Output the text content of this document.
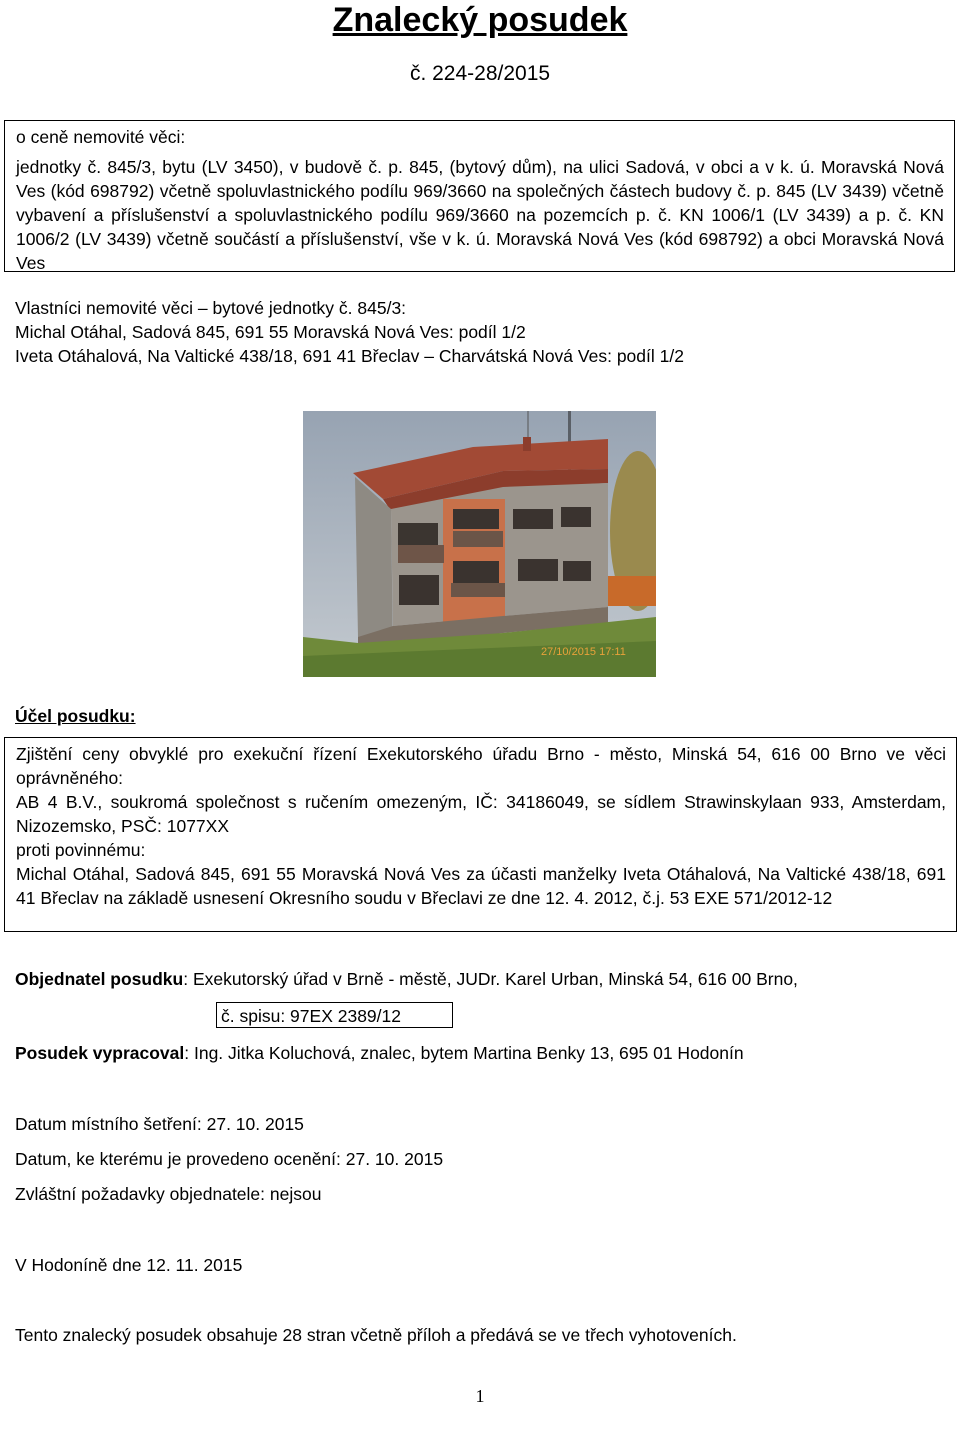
Znalecký posudek
č. 224-28/2015

o ceně nemovité věci:

jednotky č. 845/3, bytu (LV 3450), v budově č. p. 845, (bytový dům), na ulici Sadová, v obci a v k. ú. Moravská Nová Ves (kód 698792) včetně spoluvlastnického podílu 969/3660 na společných částech budovy č. p. 845 (LV 3439) včetně vybavení a příslušenství a spoluvlastnického podílu 969/3660 na pozemcích p. č. KN 1006/1 (LV 3439) a p. č. KN 1006/2 (LV 3439) včetně součástí a příslušenství, vše v k. ú. Moravská Nová Ves (kód 698792) a obci Moravská Nová Ves

Vlastníci nemovité věci – bytové jednotky č. 845/3:
Michal Otáhal, Sadová 845, 691 55 Moravská Nová Ves: podíl 1/2
Iveta Otáhalová, Na Valtické 438/18, 691 41 Břeclav – Charvátská Nová Ves: podíl 1/2
27/10/2015 17:11
Účel posudku:

Zjištění ceny obvyklé pro exekuční řízení Exekutorského úřadu Brno - město, Minská 54, 616 00 Brno ve věci oprávněného:

AB 4 B.V., soukromá společnost s ručením omezeným, IČ: 34186049, se sídlem Strawinskylaan 933, Amsterdam, Nizozemsko, PSČ: 1077XX

proti povinnému:

Michal Otáhal, Sadová 845, 691 55 Moravská Nová Ves za účasti manželky Iveta Otáhalová, Na Valtické 438/18, 691 41 Břeclav na základě usnesení Okresního soudu v Břeclavi ze dne 12. 4. 2012, č.j. 53 EXE 571/2012-12

Objednatel posudku: Exekutorský úřad v Brně - městě, JUDr. Karel Urban, Minská 54, 616 00 Brno,
č. spisu: 97EX 2389/12
Posudek vypracoval: Ing. Jitka Koluchová, znalec, bytem Martina Benky 13, 695 01 Hodonín
Datum místního šetření: 27. 10. 2015
Datum, ke kterému je provedeno ocenění: 27. 10. 2015
Zvláštní požadavky objednatele: nejsou
V Hodoníně dne 12. 11. 2015
Tento znalecký posudek obsahuje 28 stran včetně příloh a předává se ve třech vyhotoveních.
1
